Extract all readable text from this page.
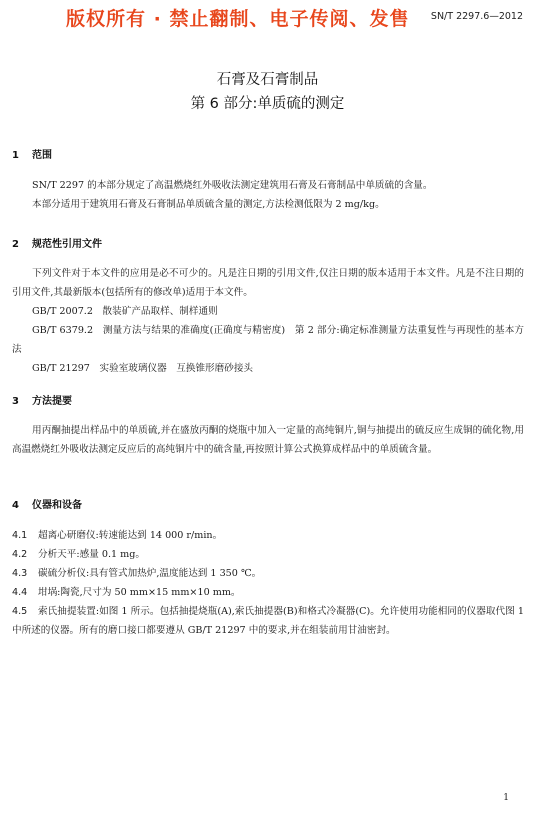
SN/T 2297.6—2012
版权所有 · 禁止翻制、电子传阅、发售
石膏及石膏制品
第 6 部分:单质硫的测定
1 范围
SN/T 2297 的本部分规定了高温燃烧红外吸收法测定建筑用石膏及石膏制品中单质硫的含量。
本部分适用于建筑用石膏及石膏制品单质硫含量的测定,方法检测低限为 2 mg/kg。
2 规范性引用文件
下列文件对于本文件的应用是必不可少的。凡是注日期的引用文件,仅注日期的版本适用于本文件。凡是不注日期的引用文件,其最新版本(包括所有的修改单)适用于本文件。
GB/T 2007.2　散装矿产品取样、制样通则
GB/T 6379.2　测量方法与结果的准确度(正确度与精密度)　第 2 部分:确定标准测量方法重复性与再现性的基本方法
GB/T 21297　实验室玻璃仪器　互换锥形磨砂接头
3 方法提要
用丙酮抽提出样品中的单质硫,并在盛放丙酮的烧瓶中加入一定量的高纯铜片,铜与抽提出的硫反应生成铜的硫化物,用高温燃烧红外吸收法测定反应后的高纯铜片中的硫含量,再按照计算公式换算成样品中的单质硫含量。
4 仪器和设备
4.1 超离心研磨仪:转速能达到 14 000 r/min。
4.2 分析天平:感量 0.1 mg。
4.3 碳硫分析仪:具有管式加热炉,温度能达到 1 350 ℃。
4.4 坩埚:陶瓷,尺寸为 50 mm×15 mm×10 mm。
4.5 索氏抽提装置:如图 1 所示。包括抽提烧瓶(A),索氏抽提器(B)和格式冷凝器(C)。允许使用功能相同的仪器取代图 1 中所述的仪器。所有的磨口接口都要遵从 GB/T 21297 中的要求,并在组装前用甘油密封。
1
